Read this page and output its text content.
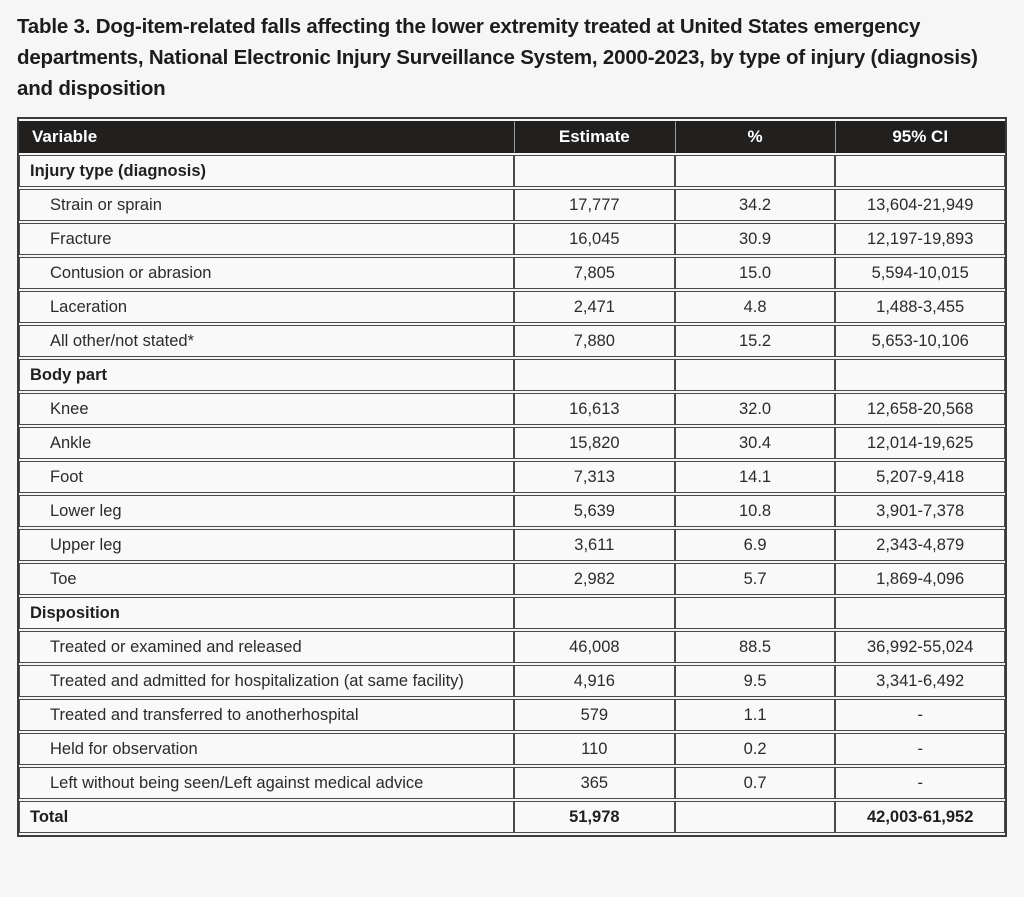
Table 3. Dog-item-related falls affecting the lower extremity treated at United States emergency departments, National Electronic Injury Surveillance System, 2000-2023, by type of injury (diagnosis) and disposition
Variable	Estimate	%	95% CI
Injury type (diagnosis)			
Strain or sprain	17,777	34.2	13,604-21,949
Fracture	16,045	30.9	12,197-19,893
Contusion or abrasion	7,805	15.0	5,594-10,015
Laceration	2,471	4.8	1,488-3,455
All other/not stated*	7,880	15.2	5,653-10,106
Body part			
Knee	16,613	32.0	12,658-20,568
Ankle	15,820	30.4	12,014-19,625
Foot	7,313	14.1	5,207-9,418
Lower leg	5,639	10.8	3,901-7,378
Upper leg	3,611	6.9	2,343-4,879
Toe	2,982	5.7	1,869-4,096
Disposition			
Treated or examined and released	46,008	88.5	36,992-55,024
Treated and admitted for hospitalization (at same facility)	4,916	9.5	3,341-6,492
Treated and transferred to anotherhospital	579	1.1	-
Held for observation	110	0.2	-
Left without being seen/Left against medical advice	365	0.7	-
Total	51,978		42,003-61,952
